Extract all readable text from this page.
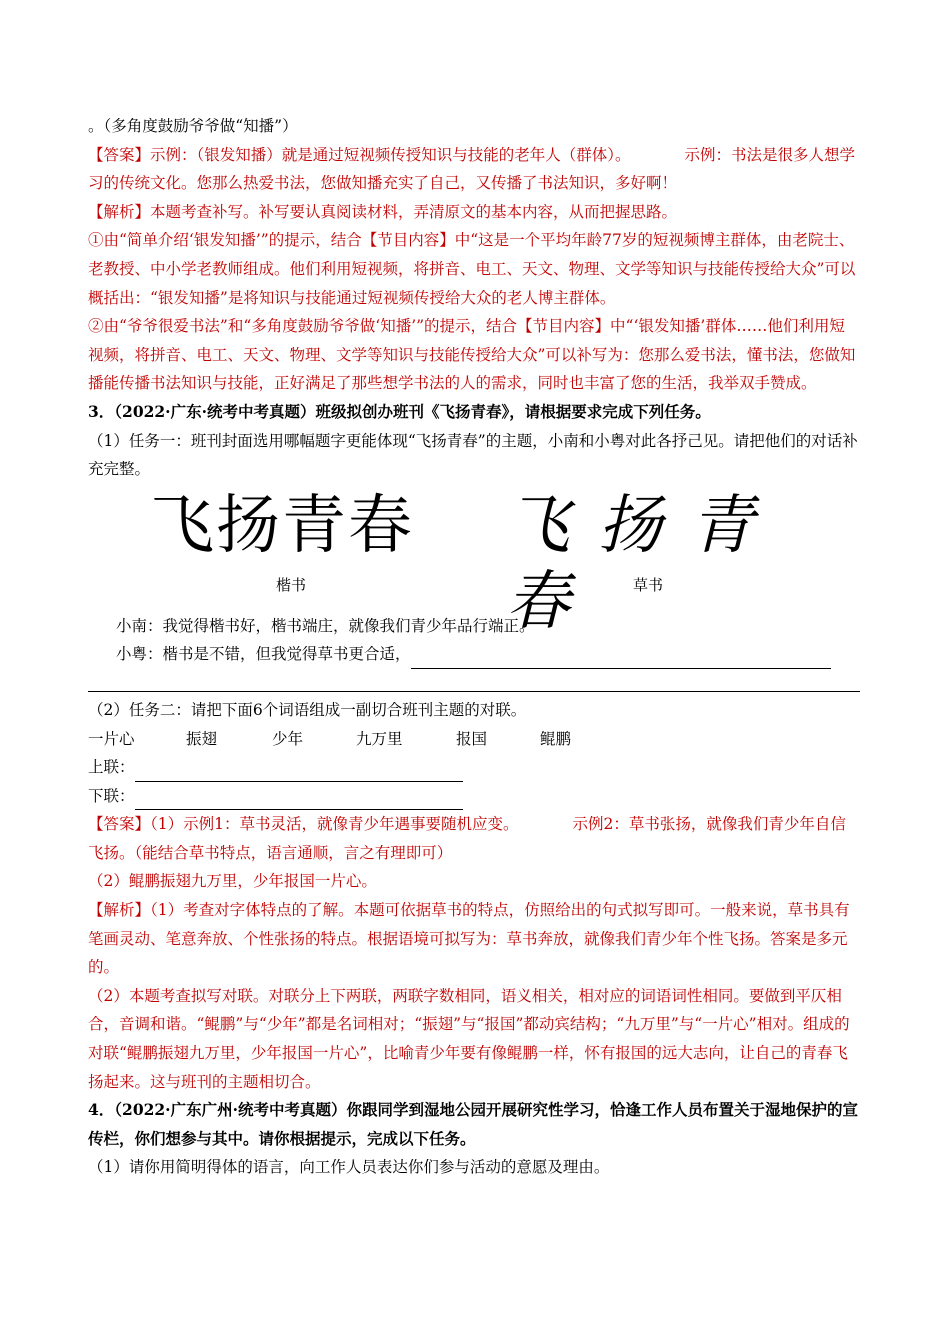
。（多角度鼓励爷爷做“知播”）

【答案】示例：（银发知播）就是通过短视频传授知识与技能的老年人（群体）。	示例：书法是很多人想学习的传统文化。您那么热爱书法，您做知播充实了自己，又传播了书法知识，多好啊！

【解析】本题考查补写。补写要认真阅读材料，弄清原文的基本内容，从而把握思路。

①由“简单介绍‘银发知播’”的提示，结合【节目内容】中“这是一个平均年龄77岁的短视频博主群体，由老院士、老教授、中小学老教师组成。他们利用短视频，将拼音、电工、天文、物理、文学等知识与技能传授给大众”可以概括出：“银发知播”是将知识与技能通过短视频传授给大众的老人博主群体。

②由“爷爷很爱书法”和“多角度鼓励爷爷做‘知播’”的提示，结合【节目内容】中“‘银发知播’群体……他们利用短视频，将拼音、电工、天文、物理、文学等知识与技能传授给大众”可以补写为：您那么爱书法，懂书法，您做知播能传播书法知识与技能，正好满足了那些想学书法的人的需求，同时也丰富了您的生活，我举双手赞成。

3．（2022·广东·统考中考真题）班级拟创办班刊《飞扬青春》，请根据要求完成下列任务。

（1）任务一：班刊封面选用哪幅题字更能体现“飞扬青春”的主题，小南和小粤对此各抒己见。请把他们的对话补充完整。

飞扬青春 飞扬青春
楷书	草书

小南：我觉得楷书好，楷书端庄，就像我们青少年品行端正。

小粤：楷书是不错，但我觉得草书更合适，

（2）任务二：请把下面6个词语组成一副切合班刊主题的对联。

一片心	振翅	少年	九万里	报国	鲲鹏

上联：

下联：

【答案】（1）示例1：草书灵活，就像青少年遇事要随机应变。	示例2：草书张扬，就像我们青少年自信飞扬。（能结合草书特点，语言通顺，言之有理即可）

（2）鲲鹏振翅九万里，少年报国一片心。

【解析】（1）考查对字体特点的了解。本题可依据草书的特点，仿照给出的句式拟写即可。一般来说，草书具有笔画灵动、笔意奔放、个性张扬的特点。根据语境可拟写为：草书奔放，就像我们青少年个性飞扬。答案是多元的。

（2）本题考查拟写对联。对联分上下两联，两联字数相同，语义相关，相对应的词语词性相同。要做到平仄相合，音调和谐。“鲲鹏”与“少年”都是名词相对；“振翅”与“报国”都动宾结构；“九万里”与“一片心”相对。组成的对联“鲲鹏振翅九万里，少年报国一片心”，比喻青少年要有像鲲鹏一样，怀有报国的远大志向，让自己的青春飞扬起来。这与班刊的主题相切合。

4．（2022·广东广州·统考中考真题）你跟同学到湿地公园开展研究性学习，恰逢工作人员布置关于湿地保护的宣传栏，你们想参与其中。请你根据提示，完成以下任务。

（1）请你用简明得体的语言，向工作人员表达你们参与活动的意愿及理由。
